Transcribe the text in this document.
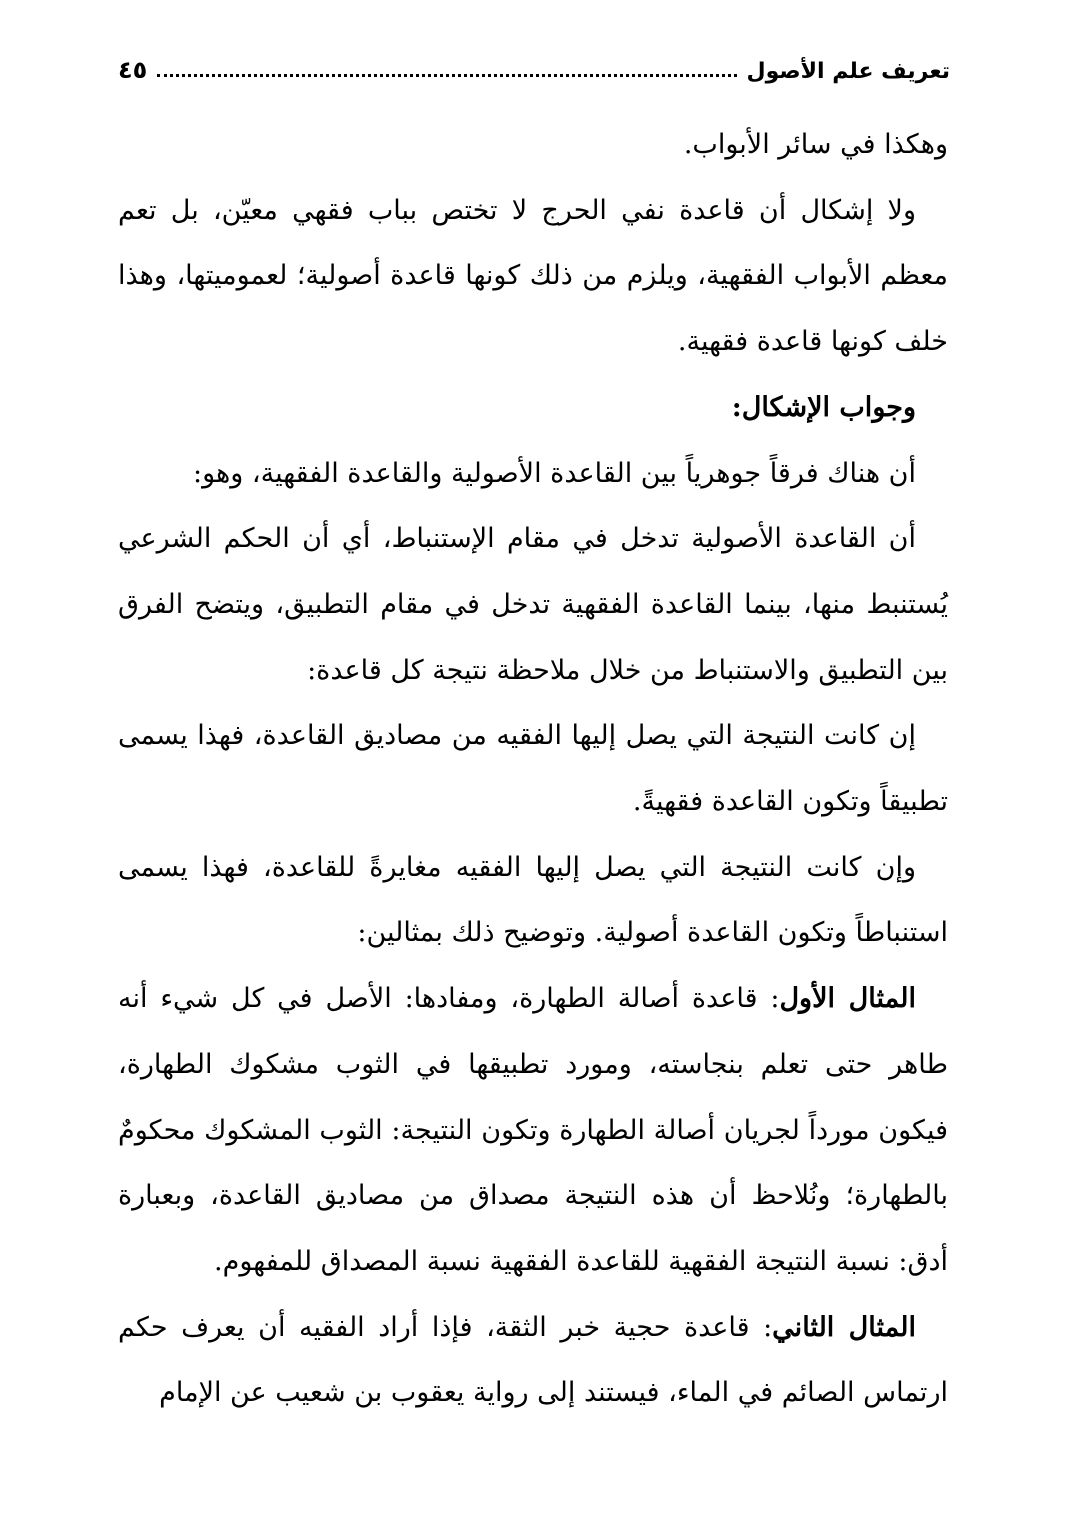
تعريف علم الأصول
٤٥

وهكذا في سائر الأبواب.

ولا إشكال أن قاعدة نفي الحرج لا تختص بباب فقهي معيّن، بل تعم معظم الأبواب الفقهية، ويلزم من ذلك كونها قاعدة أصولية؛ لعموميتها، وهذا خلف كونها قاعدة فقهية.

وجواب الإشكال:

أن هناك فرقاً جوهرياً بين القاعدة الأصولية والقاعدة الفقهية، وهو:

أن القاعدة الأصولية تدخل في مقام الإستنباط، أي أن الحكم الشرعي يُستنبط منها، بينما القاعدة الفقهية تدخل في مقام التطبيق، ويتضح الفرق بين التطبيق والاستنباط من خلال ملاحظة نتيجة كل قاعدة:

إن كانت النتيجة التي يصل إليها الفقيه من مصاديق القاعدة، فهذا يسمى تطبيقاً وتكون القاعدة فقهيةً.

وإن كانت النتيجة التي يصل إليها الفقيه مغايرةً للقاعدة، فهذا يسمى استنباطاً وتكون القاعدة أصولية. وتوضيح ذلك بمثالين:

المثال الأول: قاعدة أصالة الطهارة، ومفادها: الأصل في كل شيء أنه طاهر حتى تعلم بنجاسته، ومورد تطبيقها في الثوب مشكوك الطهارة، فيكون مورداً لجريان أصالة الطهارة وتكون النتيجة: الثوب المشكوك محكومٌ بالطهارة؛ ونُلاحظ أن هذه النتيجة مصداق من مصاديق القاعدة، وبعبارة أدق: نسبة النتيجة الفقهية للقاعدة الفقهية نسبة المصداق للمفهوم.

المثال الثاني: قاعدة حجية خبر الثقة، فإذا أراد الفقيه أن يعرف حكم ارتماس الصائم في الماء، فيستند إلى رواية يعقوب بن شعيب عن الإمام
